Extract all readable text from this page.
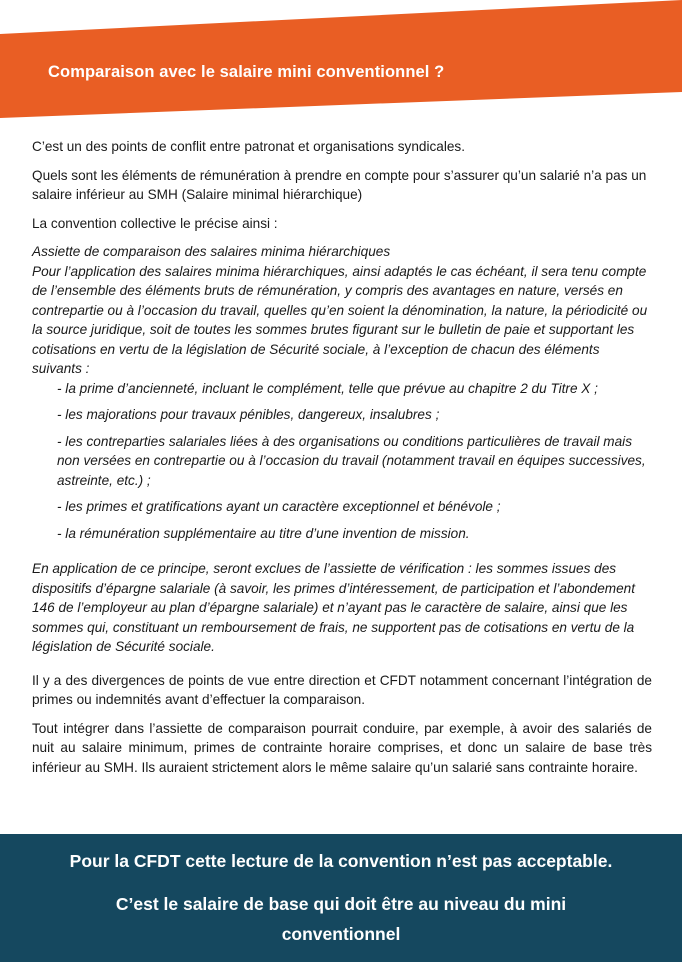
Comparaison avec le salaire mini conventionnel ?

C’est un des points de conflit entre patronat et organisations syndicales.

Quels sont les éléments de rémunération à prendre en compte pour s’assurer qu’un salarié n’a pas un salaire inférieur au SMH (Salaire minimal hiérarchique)

La convention collective le précise ainsi :

Assiette de comparaison des salaires minima hiérarchiques
Pour l’application des salaires minima hiérarchiques, ainsi adaptés le cas échéant, il sera tenu compte de l’ensemble des éléments bruts de rémunération, y compris des avantages en nature, versés en contrepartie ou à l’occasion du travail, quelles qu’en soient la dénomination, la nature, la périodicité ou la source juridique, soit de toutes les sommes brutes figurant sur le bulletin de paie et supportant les cotisations en vertu de la législation de Sécurité sociale, à l’exception de chacun des éléments suivants :
- la prime d’ancienneté, incluant le complément, telle que prévue au chapitre 2 du Titre X ;
- les majorations pour travaux pénibles, dangereux, insalubres ;
- les contreparties salariales liées à des organisations ou conditions particulières de travail mais non versées en contrepartie ou à l’occasion du travail (notamment travail en équipes successives, astreinte, etc.) ;
- les primes et gratifications ayant un caractère exceptionnel et bénévole ;
- la rémunération supplémentaire au titre d’une invention de mission.
En application de ce principe, seront exclues de l’assiette de vérification : les sommes issues des dispositifs d’épargne salariale (à savoir, les primes d’intéressement, de participation et l’abondement 146 de l’employeur au plan d’épargne salariale) et n’ayant pas le caractère de salaire, ainsi que les sommes qui, constituant un remboursement de frais, ne supportent pas de cotisations en vertu de la législation de Sécurité sociale.

Il y a des divergences de points de vue entre direction et CFDT notamment concernant l’intégration de primes ou indemnités avant d’effectuer la comparaison.

Tout intégrer dans l’assiette de comparaison pourrait conduire, par exemple, à avoir des salariés de nuit au salaire minimum, primes de contrainte horaire comprises, et donc un salaire de base très inférieur au SMH. Ils auraient strictement alors le même salaire qu’un salarié sans contrainte horaire.

Pour la CFDT cette lecture de la convention n’est pas acceptable.
C’est le salaire de base qui doit être au niveau du mini conventionnel
